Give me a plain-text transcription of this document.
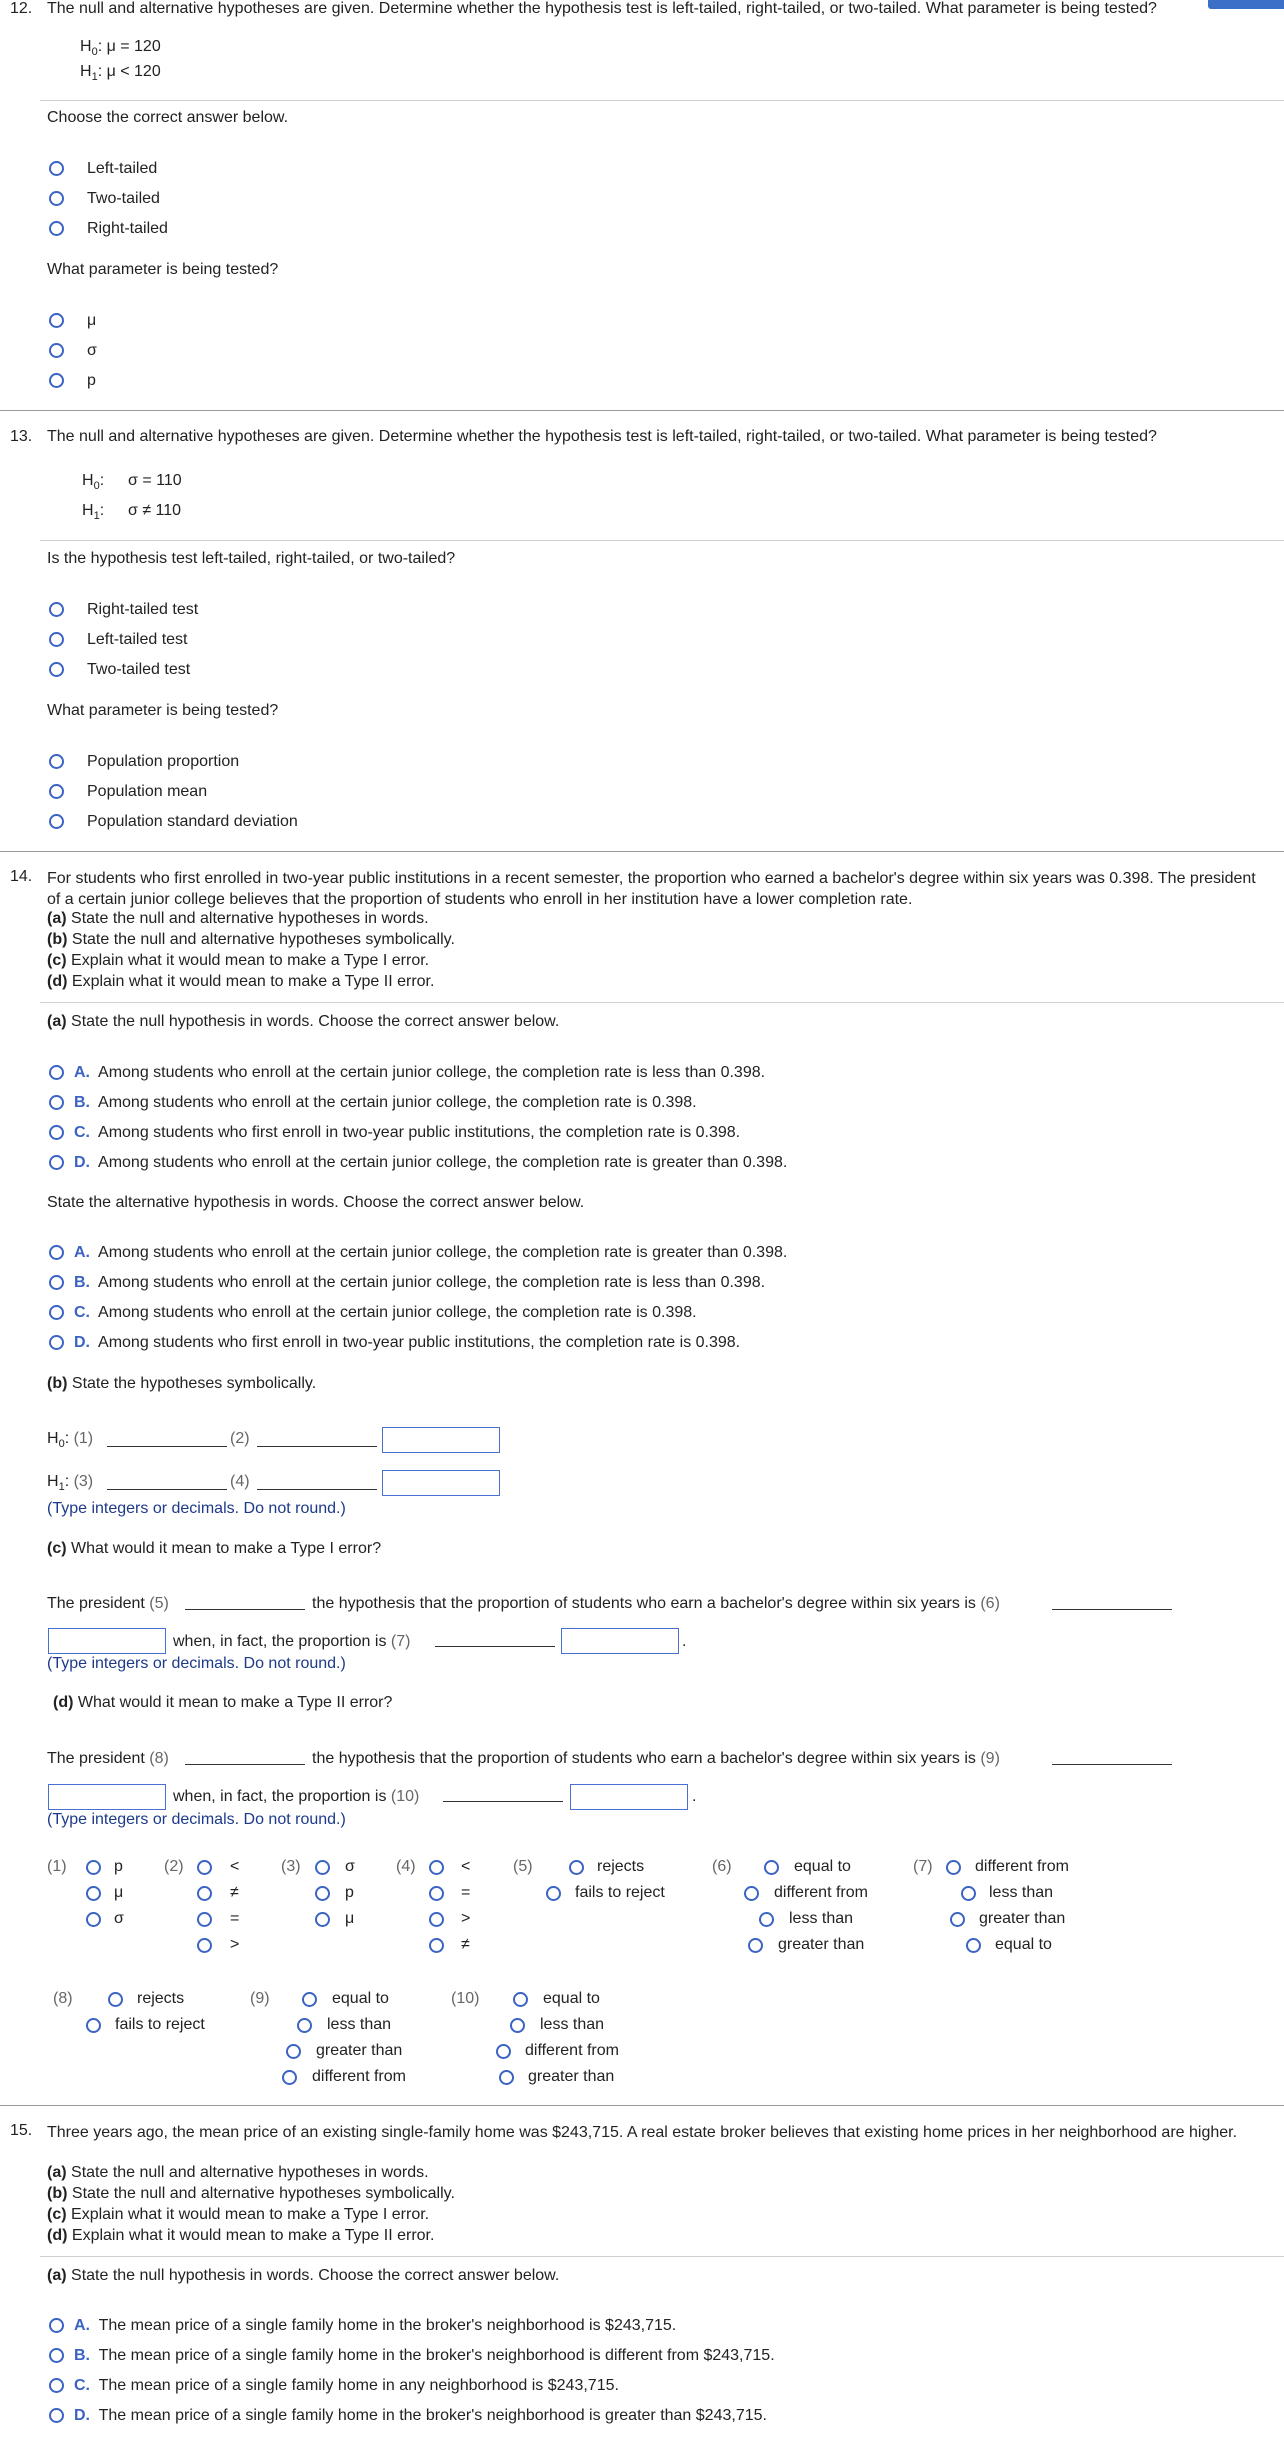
12. The null and alternative hypotheses are given. Determine whether the hypothesis test is left-tailed, right-tailed, or two-tailed. What parameter is being tested?
$H_0$: μ = 120
$H_1$: μ < 120
Choose the correct answer below.
Left-tailed
Two-tailed
Right-tailed
What parameter is being tested?
μ
σ
p
13. The null and alternative hypotheses are given. Determine whether the hypothesis test is left-tailed, right-tailed, or two-tailed. What parameter is being tested?
$H_0$: σ = 110
$H_1$: σ ≠ 110
Is the hypothesis test left-tailed, right-tailed, or two-tailed?
Right-tailed test
Left-tailed test
Two-tailed test
What parameter is being tested?
Population proportion
Population mean
Population standard deviation
14. For students who first enrolled in two-year public institutions in a recent semester, the proportion who earned a bachelor's degree within six years was 0.398. The president of a certain junior college believes that the proportion of students who enroll in her institution have a lower completion rate.
(a) State the null and alternative hypotheses in words.
(b) State the null and alternative hypotheses symbolically.
(c) Explain what it would mean to make a Type I error.
(d) Explain what it would mean to make a Type II error.
(a) State the null hypothesis in words. Choose the correct answer below.
A. Among students who enroll at the certain junior college, the completion rate is less than 0.398.
B. Among students who enroll at the certain junior college, the completion rate is 0.398.
C. Among students who first enroll in two-year public institutions, the completion rate is 0.398.
D. Among students who enroll at the certain junior college, the completion rate is greater than 0.398.
State the alternative hypothesis in words. Choose the correct answer below.
A. Among students who enroll at the certain junior college, the completion rate is greater than 0.398.
B. Among students who enroll at the certain junior college, the completion rate is less than 0.398.
C. Among students who enroll at the certain junior college, the completion rate is 0.398.
D. Among students who first enroll in two-year public institutions, the completion rate is 0.398.
(b) State the hypotheses symbolically.
$H_0$: (1)	(2)
$H_1$: (3)	(4)
(Type integers or decimals. Do not round.)
(c) What would it mean to make a Type I error?
The president (5)	the hypothesis that the proportion of students who earn a bachelor's degree within six years is (6)
when, in fact, the proportion is (7)	.
(Type integers or decimals. Do not round.)
(d) What would it mean to make a Type II error?
The president (8)	the hypothesis that the proportion of students who earn a bachelor's degree within six years is (9)
when, in fact, the proportion is (10)	.
(Type integers or decimals. Do not round.)
(1)	p
μ
σ
(2)	<
≠
=
>
(3)	σ
p
μ
(4)	<
=
>
≠
(5)	rejects
fails to reject
(6)	equal to
different from
less than
greater than
(7)	different from
less than
greater than
equal to
(8)	rejects
fails to reject
(9)	equal to
less than
greater than
different from
(10)	equal to
less than
different from
greater than
15. Three years ago, the mean price of an existing single-family home was $243,715. A real estate broker believes that existing home prices in her neighborhood are higher.
(a) State the null and alternative hypotheses in words.
(b) State the null and alternative hypotheses symbolically.
(c) Explain what it would mean to make a Type I error.
(d) Explain what it would mean to make a Type II error.
(a) State the null hypothesis in words. Choose the correct answer below.
A. The mean price of a single family home in the broker's neighborhood is $243,715.
B. The mean price of a single family home in the broker's neighborhood is different from $243,715.
C. The mean price of a single family home in any neighborhood is $243,715.
D. The mean price of a single family home in the broker's neighborhood is greater than $243,715.
